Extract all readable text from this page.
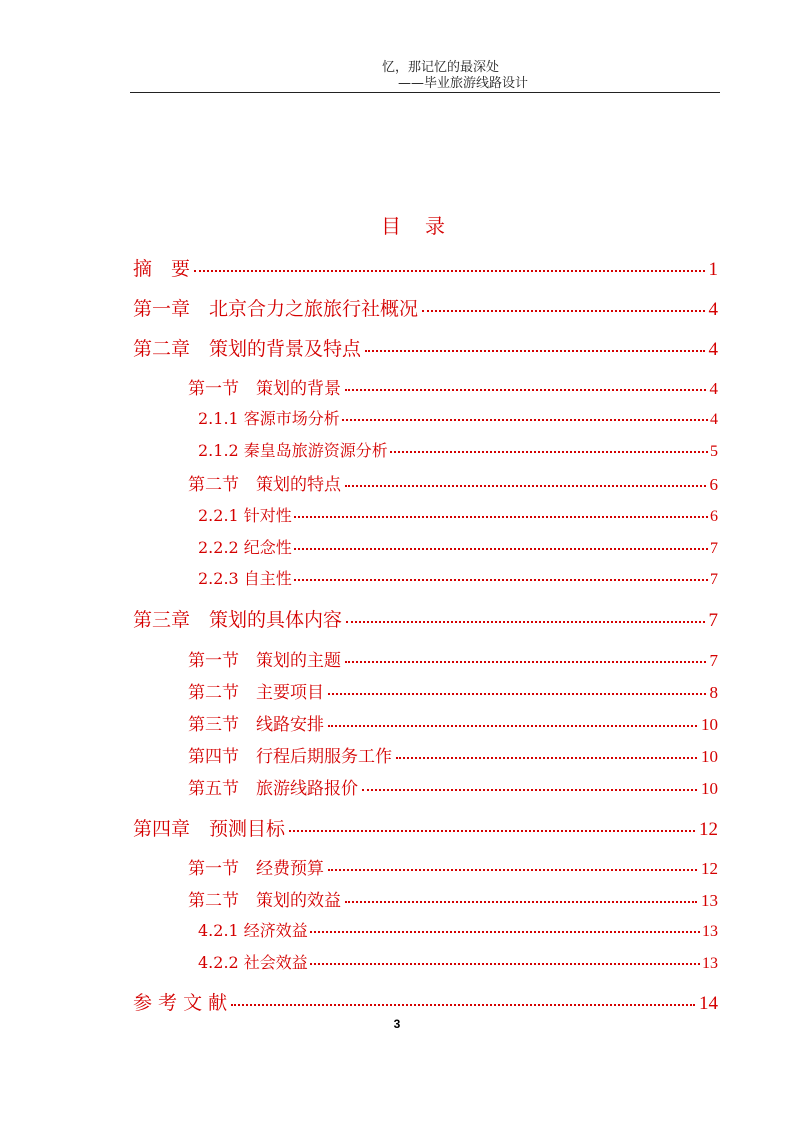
忆，那记忆的最深处
——毕业旅游线路设计
目录
摘　要	1
第一章　北京合力之旅旅行社概况	4
第二章　策划的背景及特点	4
第一节　策划的背景	4
2.1.1 客源市场分析	4
2.1.2 秦皇岛旅游资源分析	5
第二节　策划的特点	6
2.2.1 针对性	6
2.2.2 纪念性	7
2.2.3 自主性	7
第三章　策划的具体内容	7
第一节　策划的主题	7
第二节　主要项目	8
第三节　线路安排	10
第四节　行程后期服务工作	10
第五节　旅游线路报价	10
第四章　预测目标	12
第一节　经费预算	12
第二节　策划的效益	13
4.2.1 经济效益	13
4.2.2 社会效益	13
参 考 文 献	14
3
